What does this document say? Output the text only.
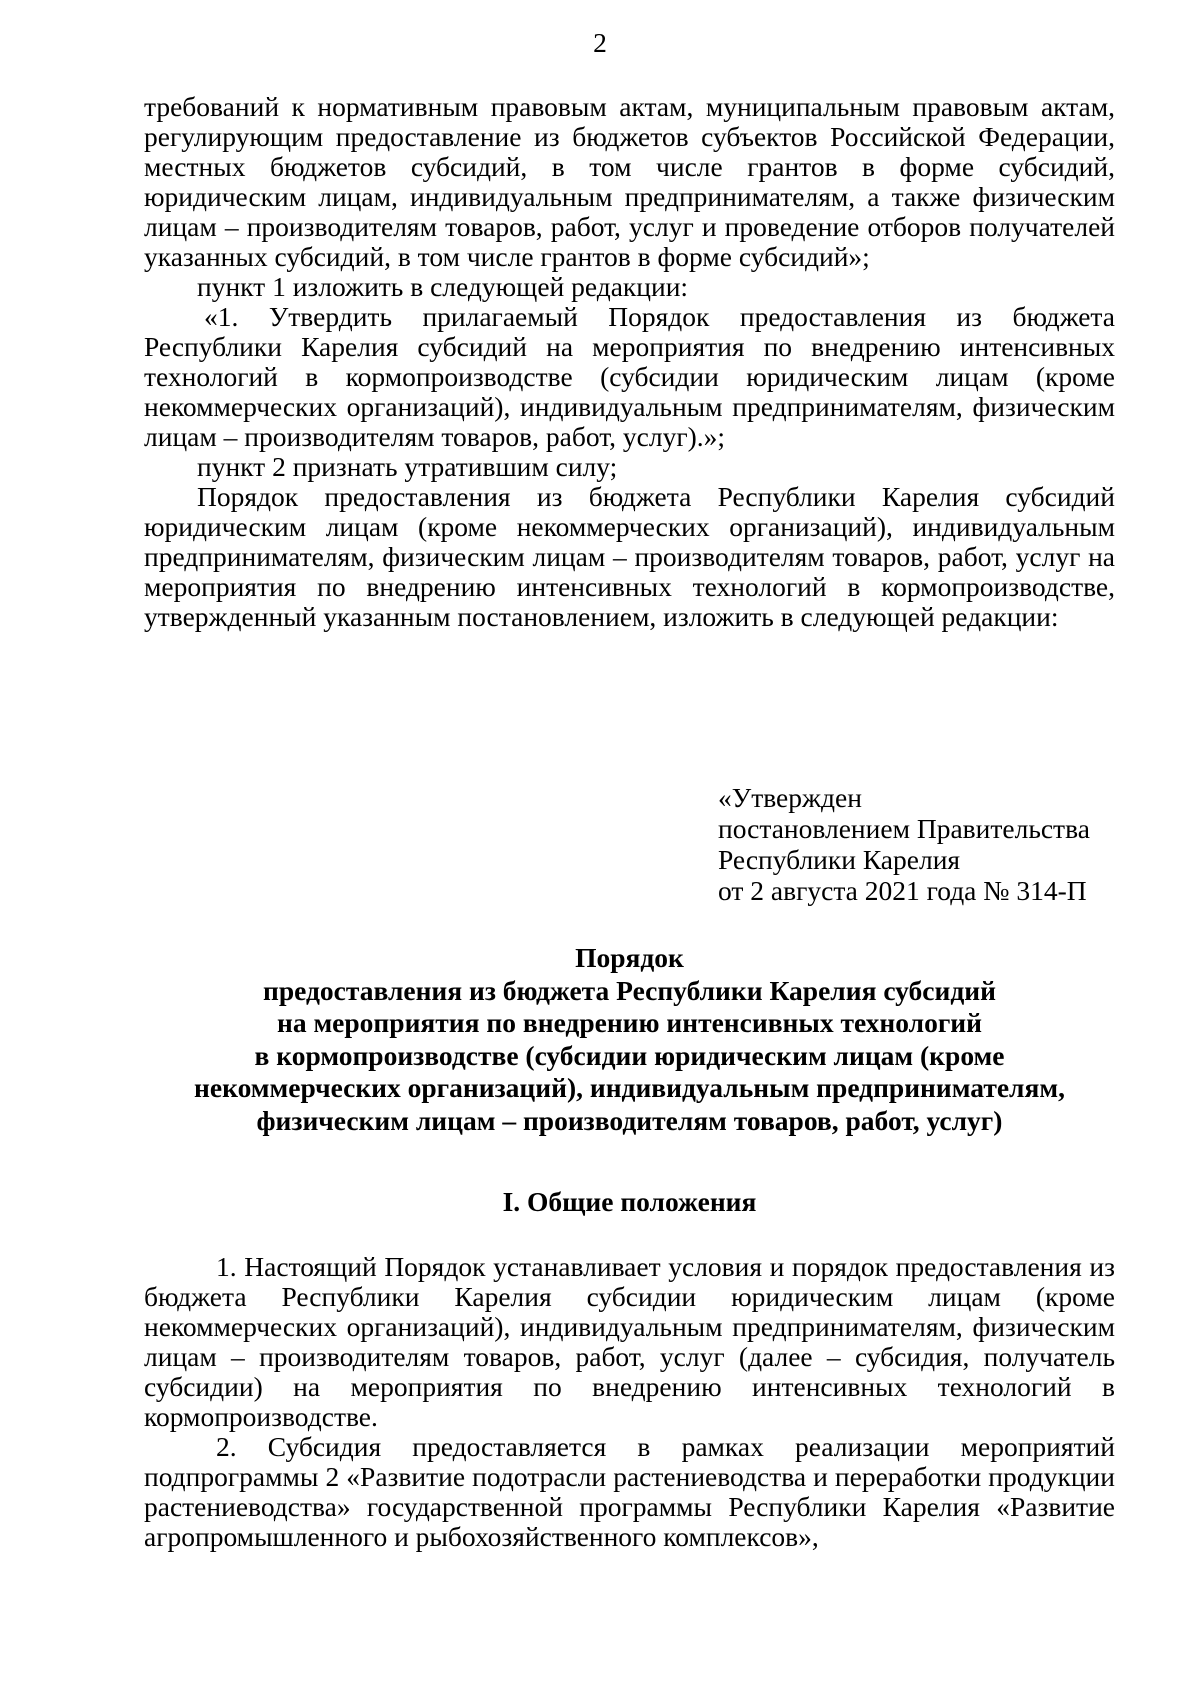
2

требований к нормативным правовым актам, муниципальным правовым актам, регулирующим предоставление из бюджетов субъектов Российской Федерации, местных бюджетов субсидий, в том числе грантов в форме субсидий, юридическим лицам, индивидуальным предпринимателям, а также физическим лицам – производителям товаров, работ, услуг и проведение отборов получателей указанных субсидий, в том числе грантов в форме субсидий»;

пункт 1 изложить в следующей редакции:

«1. Утвердить прилагаемый Порядок предоставления из бюджета Республики Карелия субсидий на мероприятия по внедрению интенсивных технологий в кормопроизводстве (субсидии юридическим лицам (кроме некоммерческих организаций), индивидуальным предпринимателям, физическим лицам – производителям товаров, работ, услуг).»;

пункт 2 признать утратившим силу;

Порядок предоставления из бюджета Республики Карелия субсидий юридическим лицам (кроме некоммерческих организаций), индивидуальным предпринимателям, физическим лицам – производителям товаров, работ, услуг на мероприятия по внедрению интенсивных технологий в кормопроизводстве, утвержденный указанным постановлением, изложить в следующей редакции:

«Утвержден
постановлением Правительства
Республики Карелия
от 2 августа 2021 года № 314-П
Порядок
предоставления из бюджета Республики Карелия субсидий
на мероприятия по внедрению интенсивных технологий
в кормопроизводстве (субсидии юридическим лицам (кроме
некоммерческих организаций), индивидуальным предпринимателям,
физическим лицам – производителям товаров, работ, услуг)
I. Общие положения

1. Настоящий Порядок устанавливает условия и порядок предоставления из бюджета Республики Карелия субсидии юридическим лицам (кроме некоммерческих организаций), индивидуальным предпринимателям, физическим лицам – производителям товаров, работ, услуг (далее – субсидия, получатель субсидии) на мероприятия по внедрению интенсивных технологий в кормопроизводстве.

2. Субсидия предоставляется в рамках реализации мероприятий подпрограммы 2 «Развитие подотрасли растениеводства и переработки продукции растениеводства» государственной программы Республики Карелия «Развитие агропромышленного и рыбохозяйственного комплексов»,
